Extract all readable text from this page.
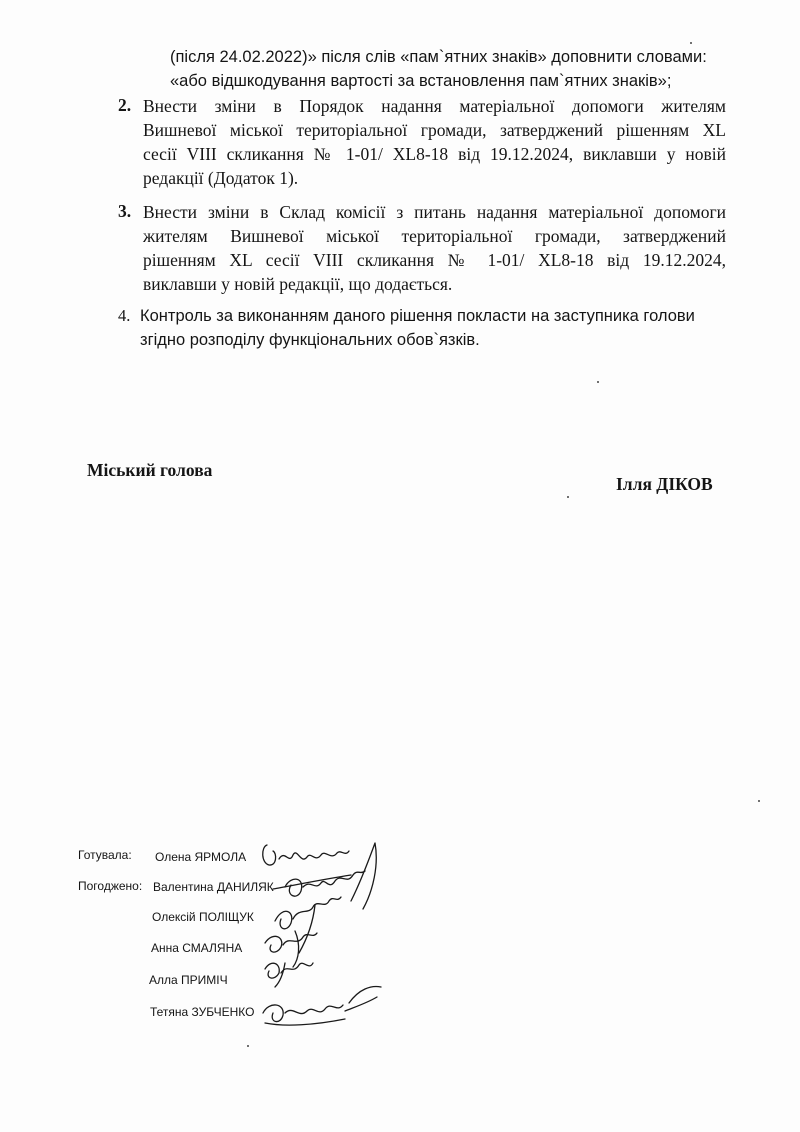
(після 24.02.2022)» після слів «пам`ятних знаків» доповнити словами:
«або відшкодування вартості за встановлення пам`ятних знаків»;
2. Внести зміни в Порядок надання матеріальної допомоги жителям
Вишневої міської територіальної громади, затверджений рішенням XL
сесії VIII скликання № 1-01/ XL8-18 від 19.12.2024, виклавши у новій
редакції (Додаток 1).
3. Внести зміни в Склад комісії з питань надання матеріальної допомоги
жителям Вишневої міської територіальної громади, затверджений
рішенням XL сесії VIII скликання № 1-01/ XL8-18 від 19.12.2024,
виклавши у новій редакції, що додається.
4. Контроль за виконанням даного рішення покласти на заступника голови
згідно розподілу функціональних обов`язків.
Міський голова
Ілля ДІКОВ
Готувала: Олена ЯРМОЛА
Погоджено: Валентина ДАНИЛЯК
Олексій ПОЛІЩУК
Анна СМАЛЯНА
Алла ПРИМІЧ
Тетяна ЗУБЧЕНКО
